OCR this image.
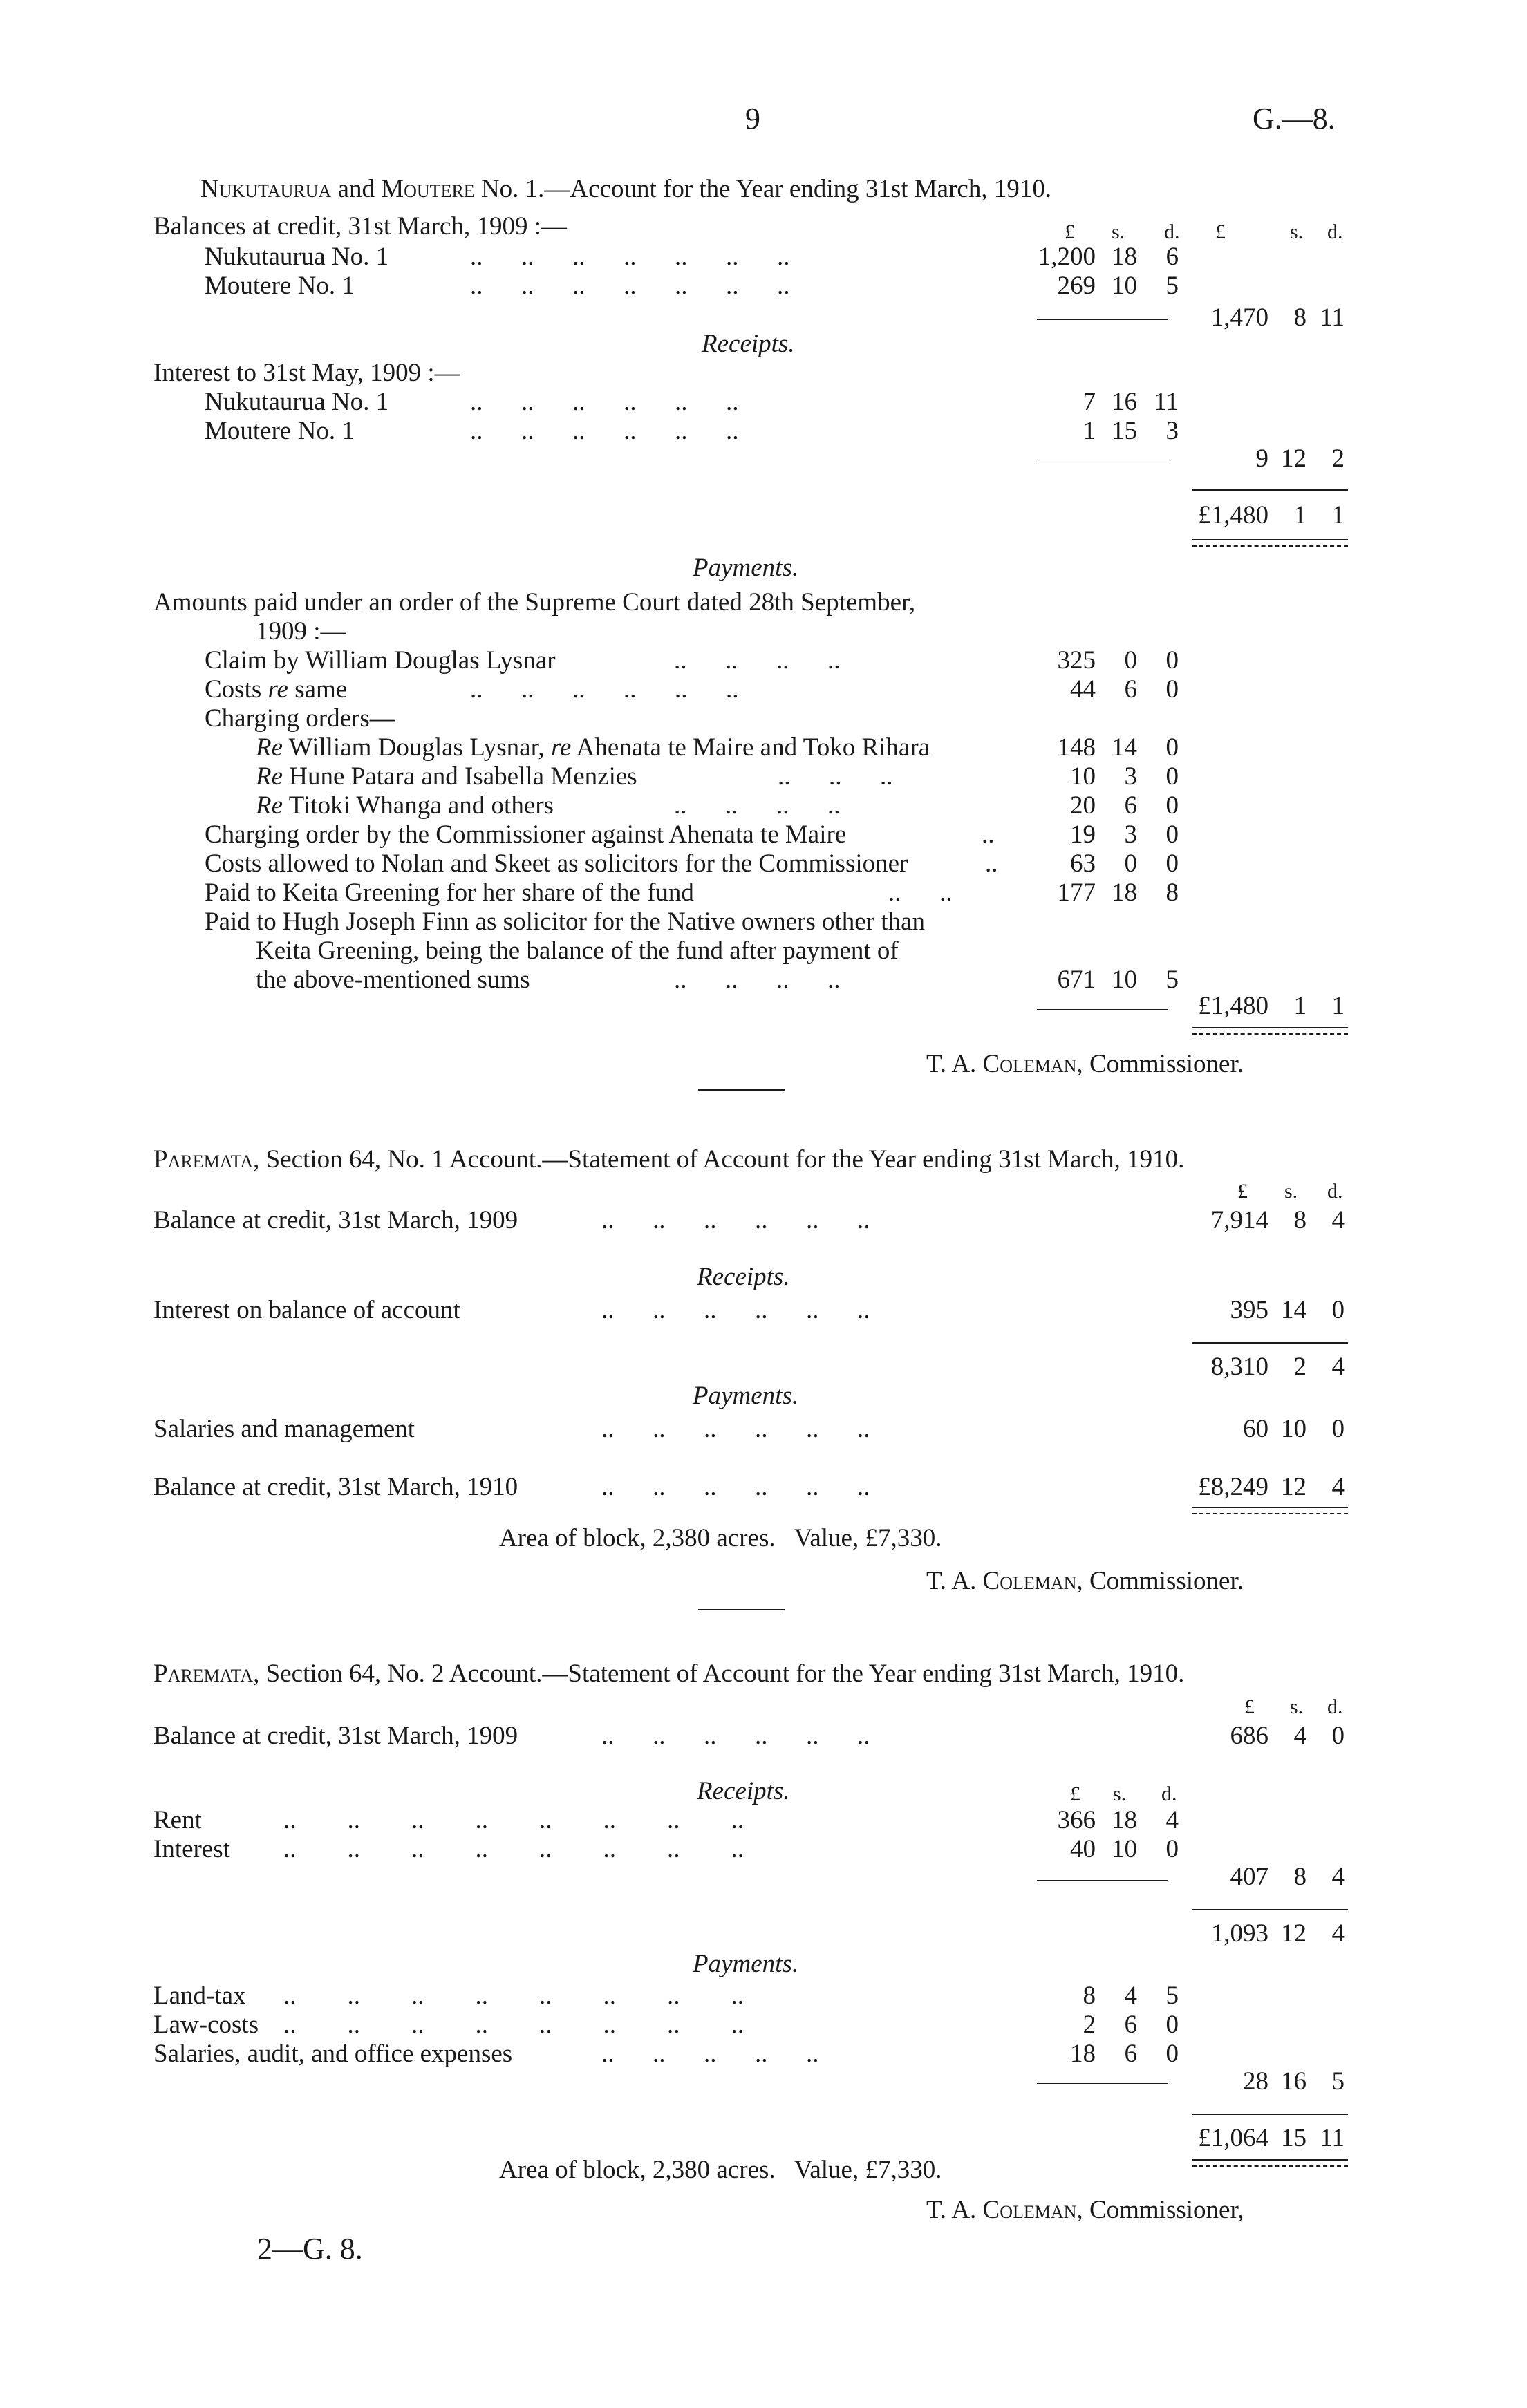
9	G.—8.
Nukutaurua and Moutere No. 1.—Account for the Year ending 31st March, 1910.
£ s. d. £	s. d.
Balances at credit, 31st March, 1909 :—
Nukutaurua No. 1	..      ..      ..      ..      ..      ..      ..	1,200 18	6
Moutere No. 1	..      ..      ..      ..      ..      ..      ..	269 10	5
1,470 8 11
Receipts.
Interest to 31st May, 1909 :—
Nukutaurua No. 1	..      ..      ..      ..      ..      ..	7 16 11
Moutere No. 1	..      ..      ..      ..      ..      ..	1 15	3
9 12 2
£1,480 1 1
Payments.
Amounts paid under an order of the Supreme Court dated 28th September,
1909 :—
Claim by William Douglas Lysnar	..      ..      ..      ..	325	0	0
Costs re same	..      ..      ..      ..      ..      ..	44	6	0
Charging orders—
Re William Douglas Lysnar, re Ahenata te Maire and Toko Rihara	148 14	0
Re Hune Patara and Isabella Menzies	..      ..      ..	10	3	0
Re Titoki Whanga and others	..      ..      ..      ..	20	6	0
Charging order by the Commissioner against Ahenata te Maire	..	19	3	0
Costs allowed to Nolan and Skeet as solicitors for the Commissioner	..	63	0	0
Paid to Keita Greening for her share of the fund	..      ..	177 18	8
Paid to Hugh Joseph Finn as solicitor for the Native owners other than
Keita Greening, being the balance of the fund after payment of
the above-mentioned sums	..      ..      ..      ..	671 10	5
£1,480 1 1
T. A. Coleman, Commissioner.
Paremata, Section 64, No. 1 Account.—Statement of Account for the Year ending 31st March, 1910.
£ s. d.
Balance at credit, 31st March, 1909	..      ..      ..      ..      ..      ..	7,914 8 4
Receipts.
Interest on balance of account	..      ..      ..      ..      ..      ..	395 14 0
8,310 2 4
Payments.
Salaries and management	..      ..      ..      ..      ..      ..	60 10 0
Balance at credit, 31st March, 1910	..      ..      ..      ..      ..      ..	£8,249 12 4
Area of block, 2,380 acres.   Value, £7,330.
T. A. Coleman, Commissioner.
Paremata, Section 64, No. 2 Account.—Statement of Account for the Year ending 31st March, 1910.
£ s. d.
Balance at credit, 31st March, 1909	..      ..      ..      ..      ..      ..	686 4 0
Receipts.	£ s. d.
Rent	..        ..        ..        ..        ..        ..        ..        ..	366 18	4
Interest ..        ..        ..        ..        ..        ..        ..        ..	40 10	0
407 8 4
1,093 12 4
Payments.
Land-tax ..        ..        ..        ..        ..        ..        ..        ..	8	4	5
Law-costs ..        ..        ..        ..        ..        ..        ..        ..	2	6	0
Salaries, audit, and office expenses	..      ..      ..      ..      ..	18	6	0
28 16 5
£1,064 15 11
Area of block, 2,380 acres.   Value, £7,330.
T. A. Coleman, Commissioner,
2—G. 8.
